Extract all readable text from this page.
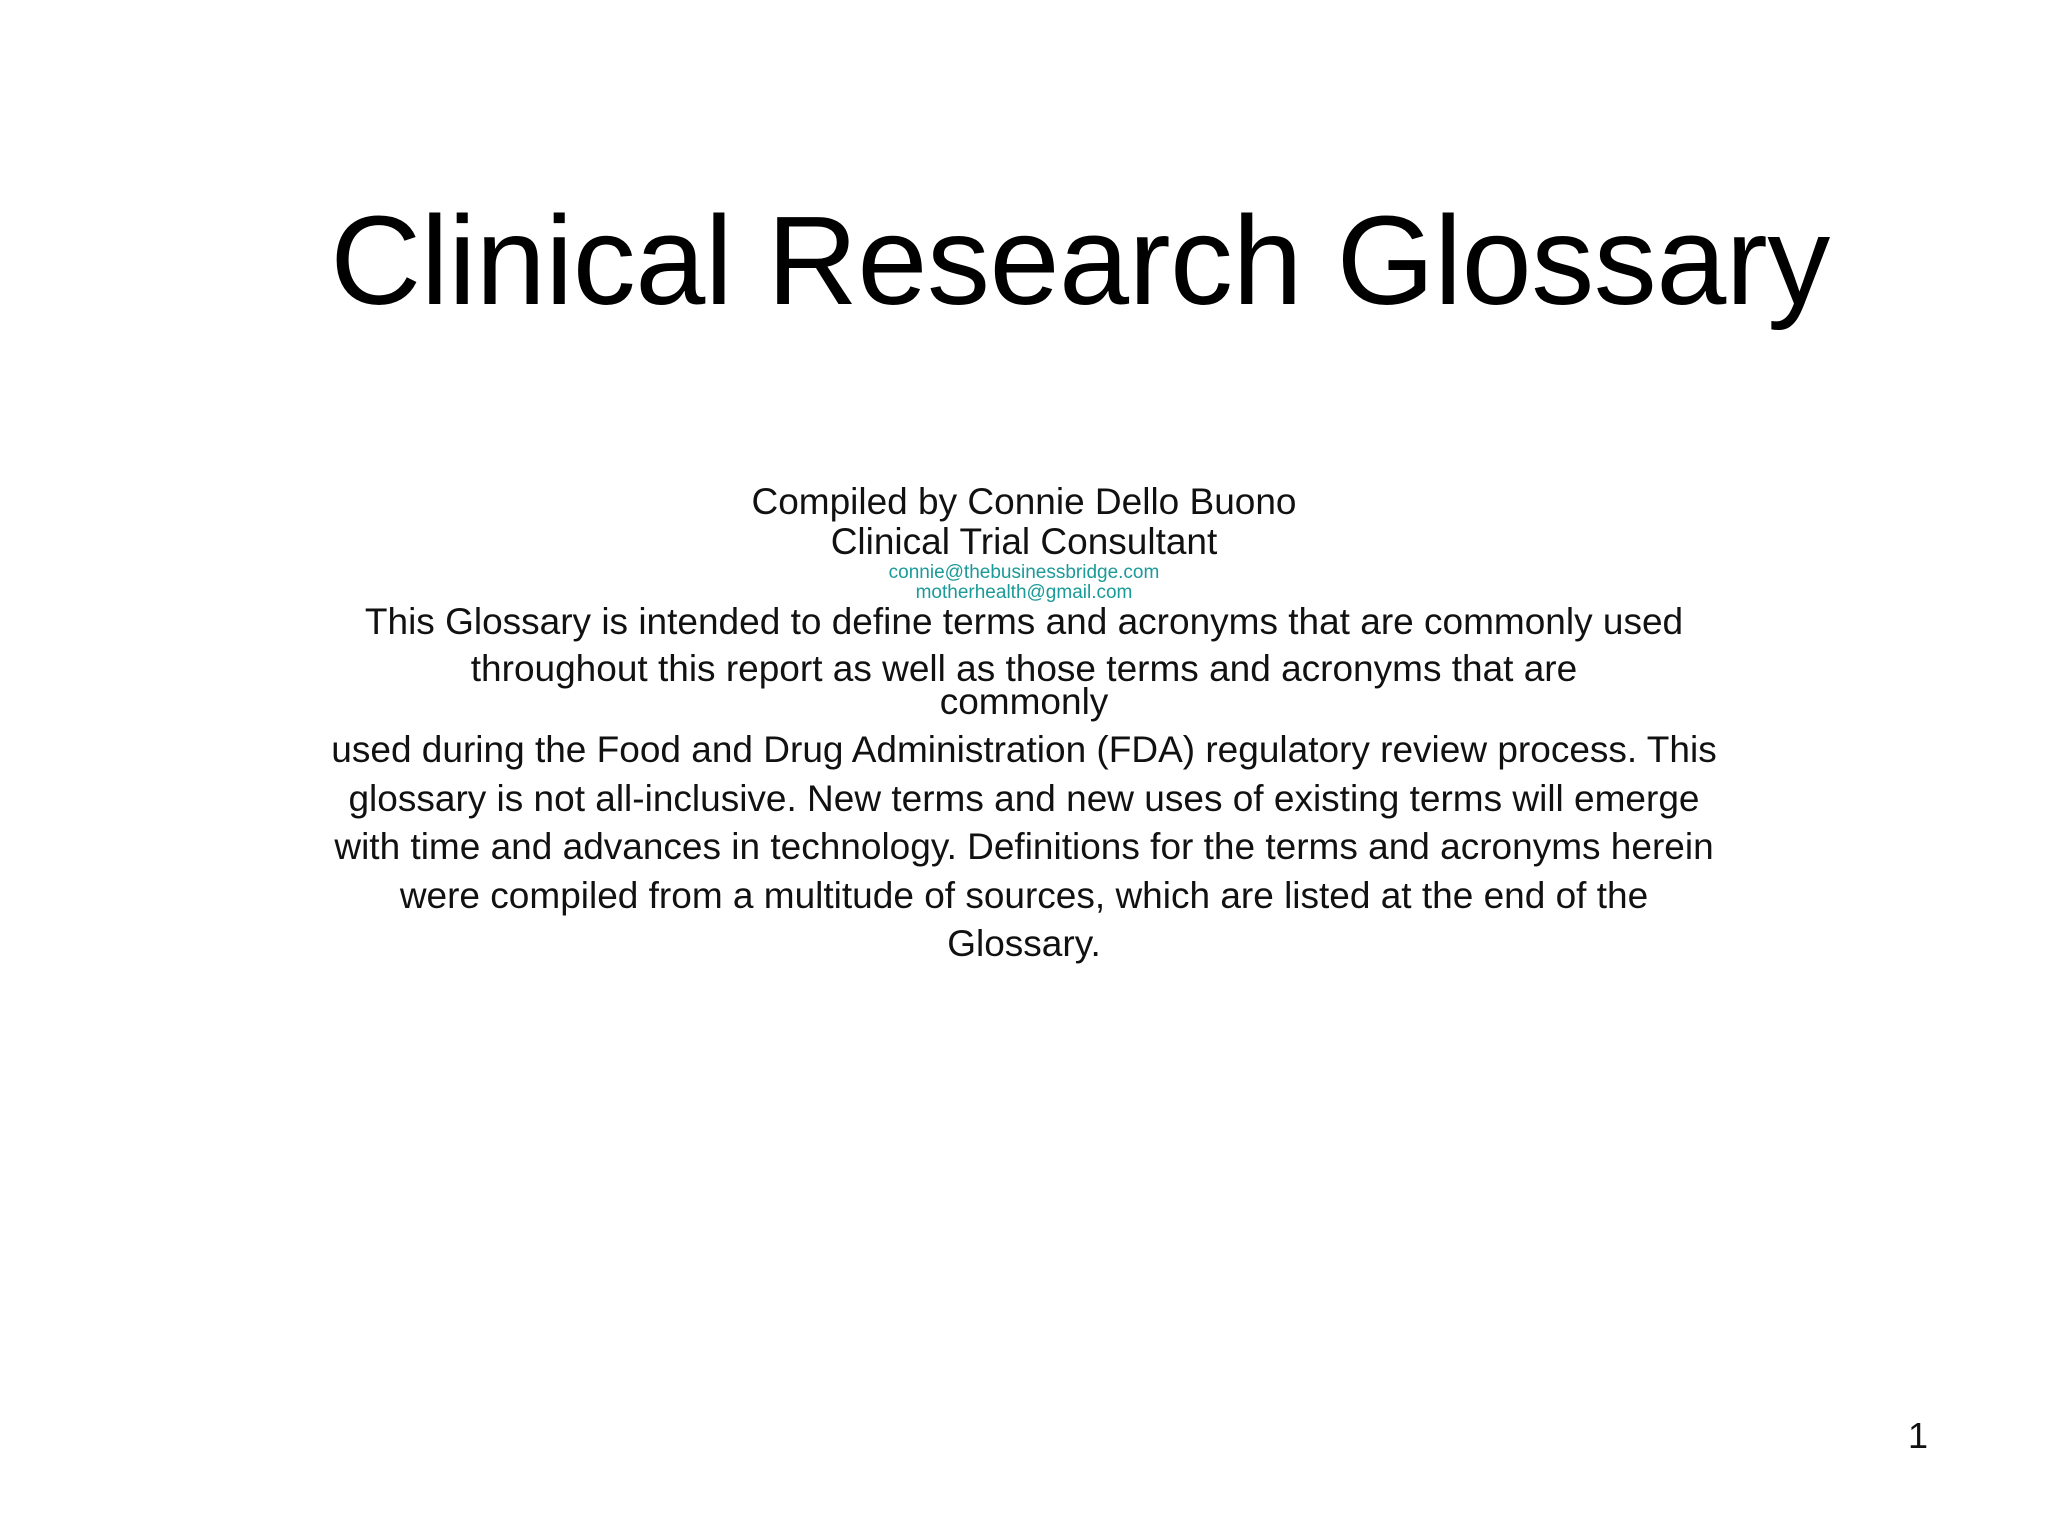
Clinical Research Glossary
Compiled by Connie Dello Buono
Clinical Trial Consultant
connie@thebusinessbridge.com
motherhealth@gmail.com
This Glossary is intended to define terms and acronyms that are commonly used throughout this report as well as those terms and acronyms that are
commonly
used during the Food and Drug Administration (FDA) regulatory review process. This glossary is not all-inclusive. New terms and new uses of existing terms will emerge with time and advances in technology. Definitions for the terms and acronyms herein were compiled from a multitude of sources, which are listed at the end of the Glossary.
1
